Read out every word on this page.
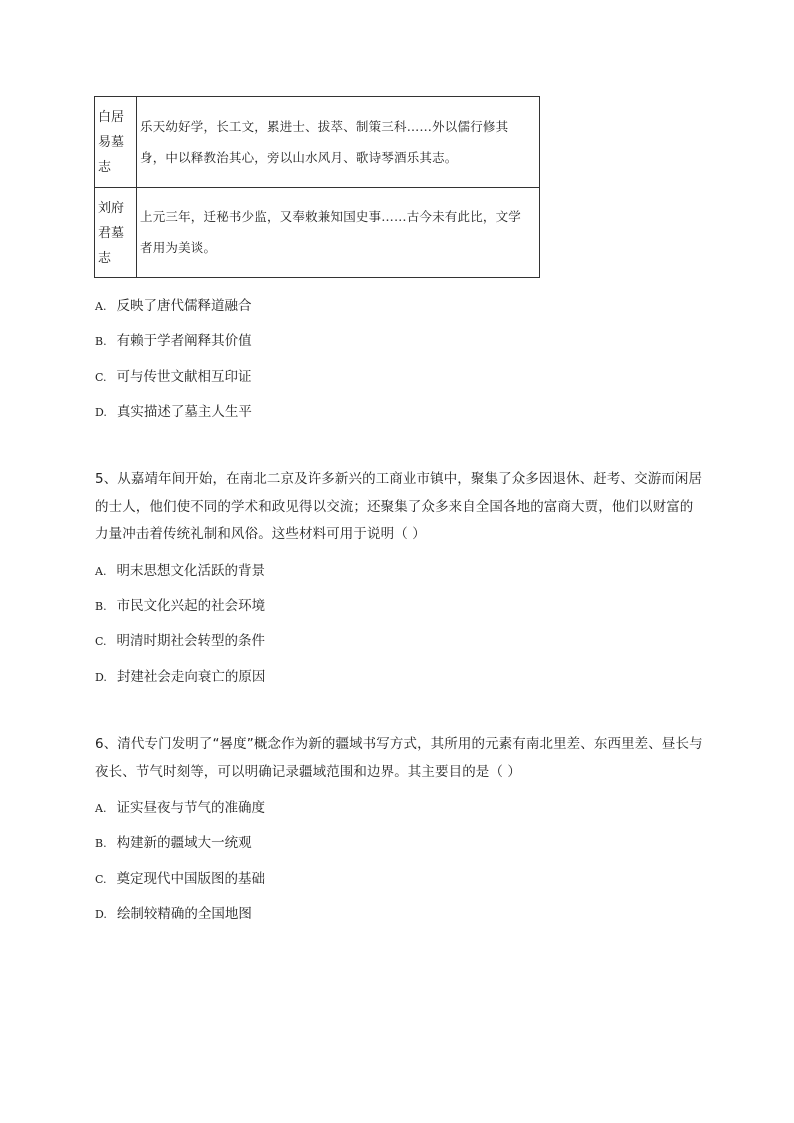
白居易墓志	乐天幼好学，长工文，累进士、拔萃、制策三科……外以儒行修其身，中以释教治其心，旁以山水风月、歌诗琴酒乐其志。
刘府君墓志	上元三年，迁秘书少监，又奉敕兼知国史事……古今未有此比，文学者用为美谈。
A. 反映了唐代儒释道融合
B. 有赖于学者阐释其价值
C. 可与传世文献相互印证
D. 真实描述了墓主人生平
5、从嘉靖年间开始，在南北二京及许多新兴的工商业市镇中，聚集了众多因退休、赶考、交游而闲居的士人，他们使不同的学术和政见得以交流；还聚集了众多来自全国各地的富商大贾，他们以财富的力量冲击着传统礼制和风俗。这些材料可用于说明（ ）
A. 明末思想文化活跃的背景
B. 市民文化兴起的社会环境
C. 明清时期社会转型的条件
D. 封建社会走向衰亡的原因
6、清代专门发明了“晷度”概念作为新的疆域书写方式，其所用的元素有南北里差、东西里差、昼长与夜长、节气时刻等，可以明确记录疆域范围和边界。其主要目的是（ ）
A. 证实昼夜与节气的准确度
B. 构建新的疆域大一统观
C. 奠定现代中国版图的基础
D. 绘制较精确的全国地图
